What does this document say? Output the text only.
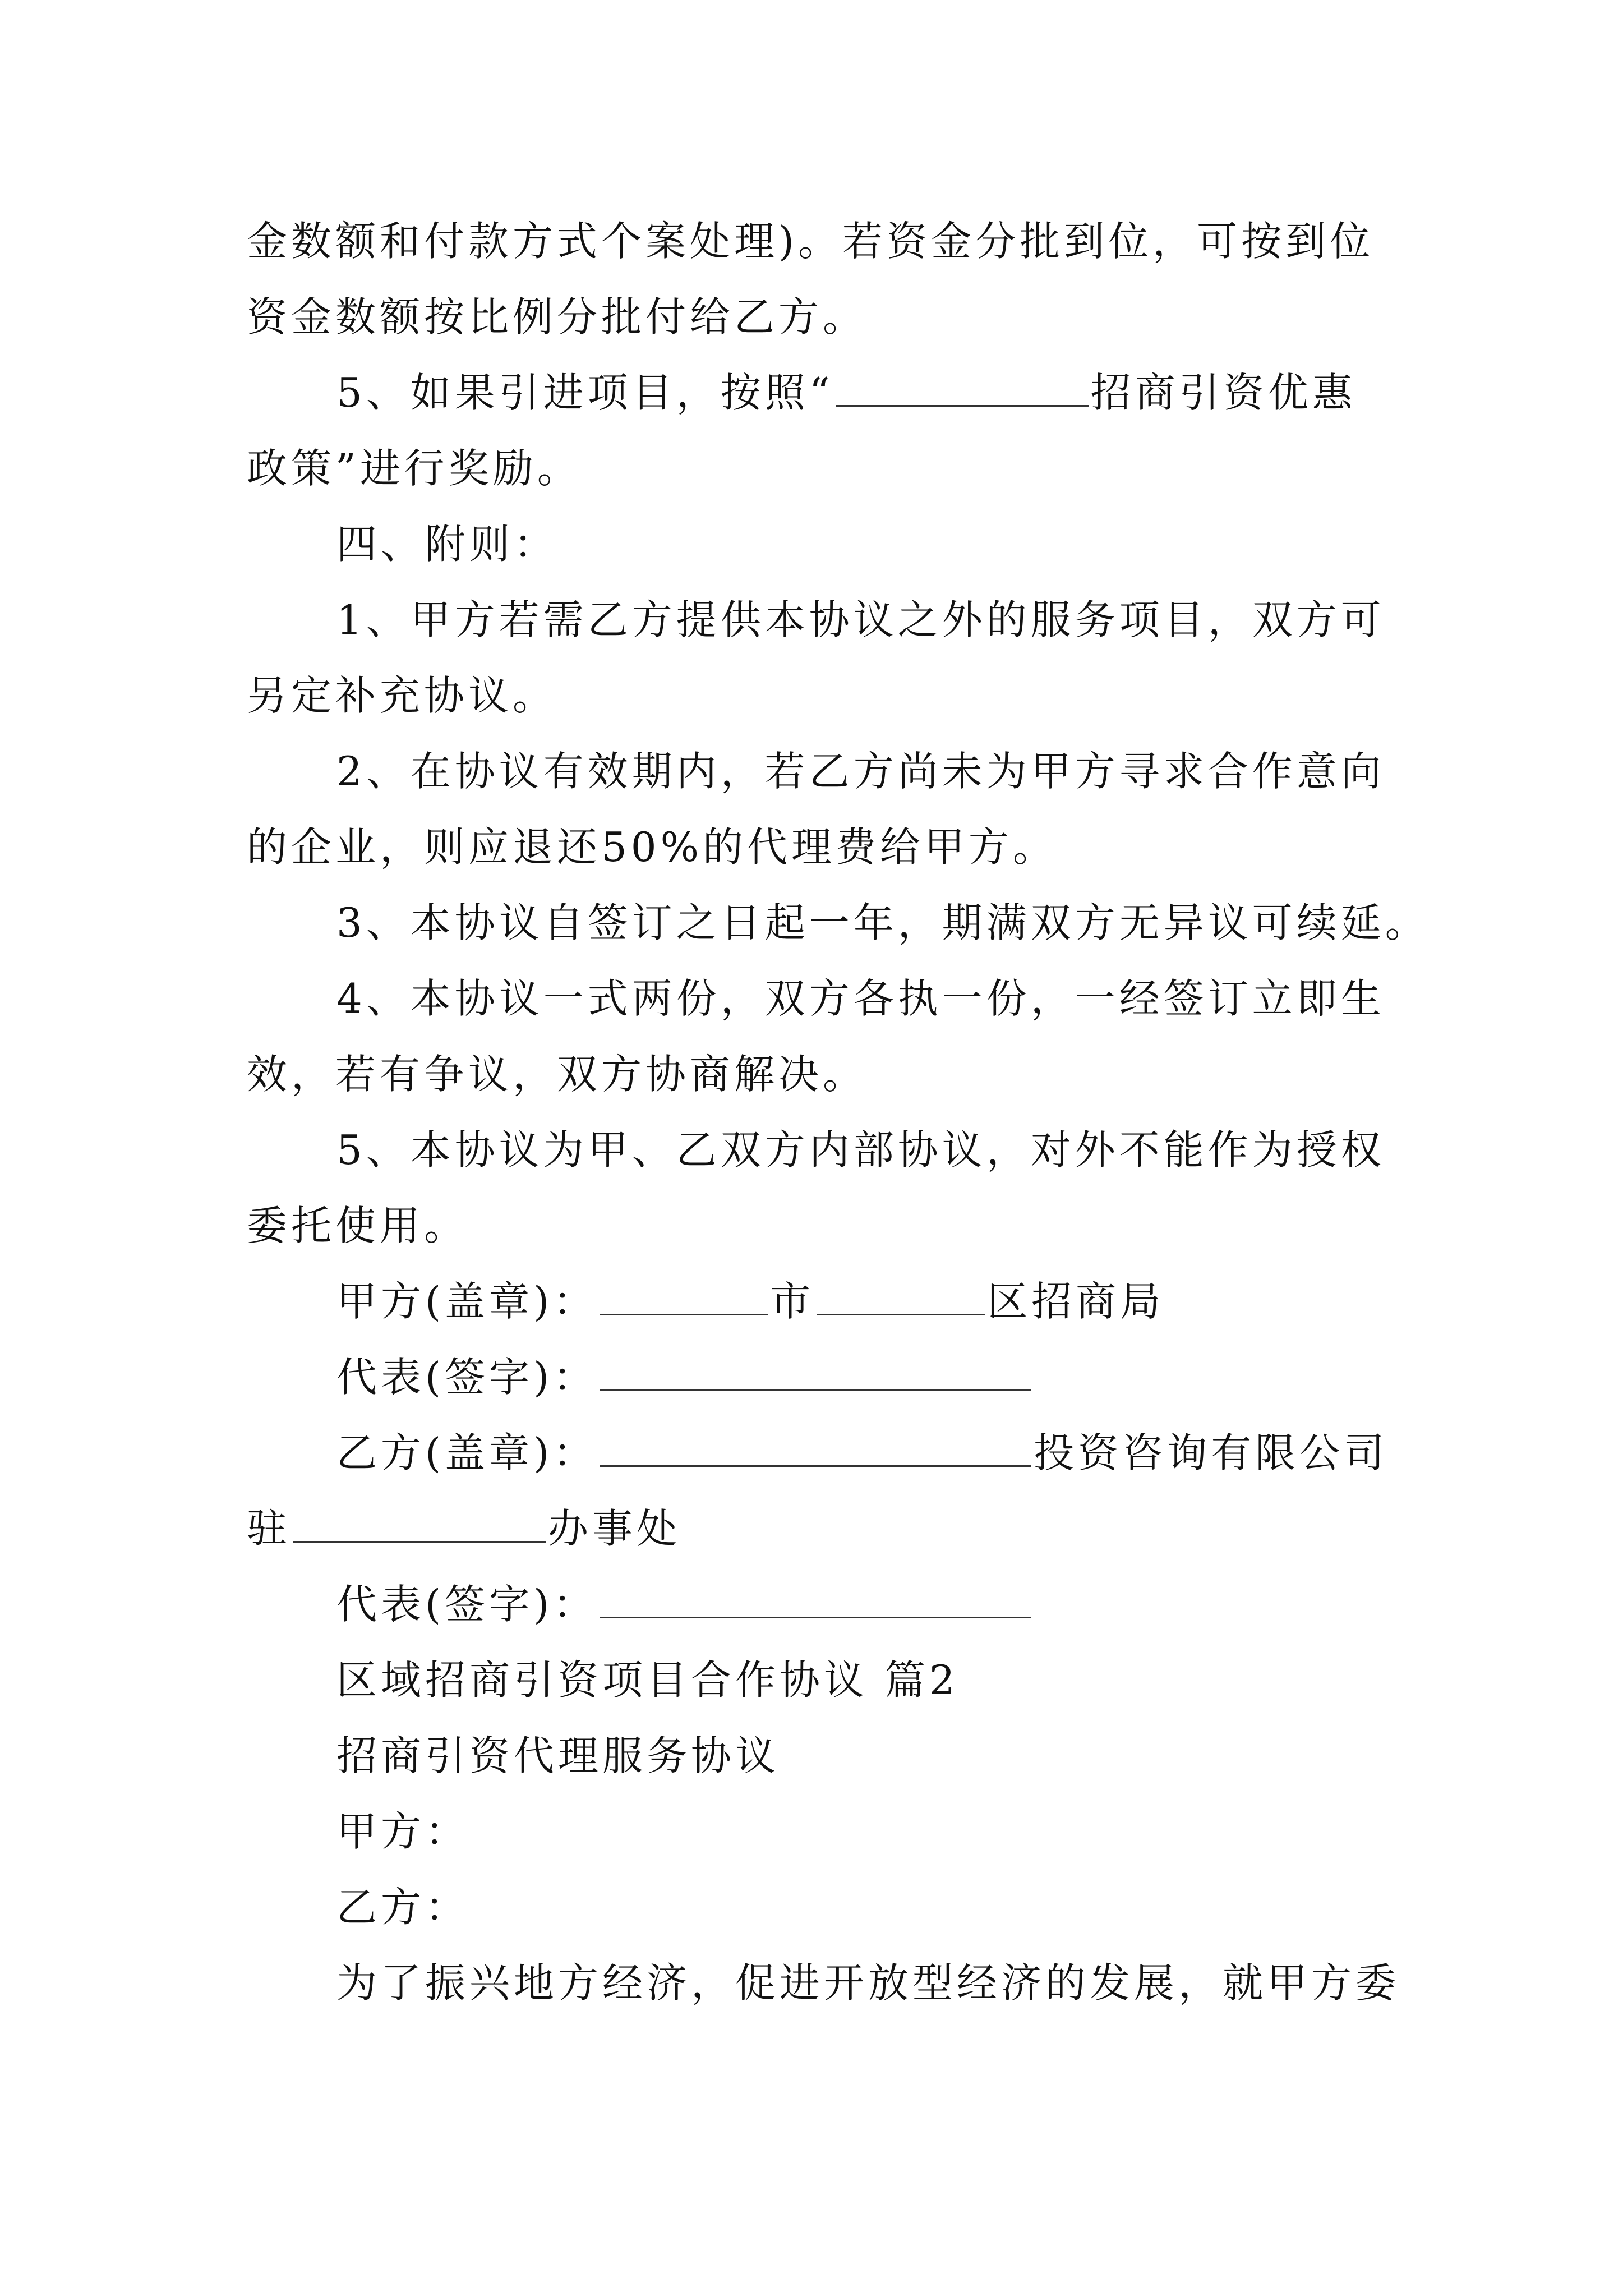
金数额和付款方式个案处理)。若资金分批到位，可按到位
资金数额按比例分批付给乙方。
5、如果引进项目，按照“	招商引资优惠
政策”进行奖励。
四、附则：
1、甲方若需乙方提供本协议之外的服务项目，双方可
另定补充协议。
2、在协议有效期内，若乙方尚未为甲方寻求合作意向
的企业，则应退还50%的代理费给甲方。
3、本协议自签订之日起一年，期满双方无异议可续延。
4、本协议一式两份，双方各执一份，一经签订立即生
效，若有争议，双方协商解决。
5、本协议为甲、乙双方内部协议，对外不能作为授权
委托使用。
甲方(盖章)：	市	区招商局
代表(签字)：
乙方(盖章)：	投资咨询有限公司
驻	办事处
代表(签字)：
区域招商引资项目合作协议 篇2
招商引资代理服务协议
甲方：
乙方：
为了振兴地方经济，促进开放型经济的发展，就甲方委
